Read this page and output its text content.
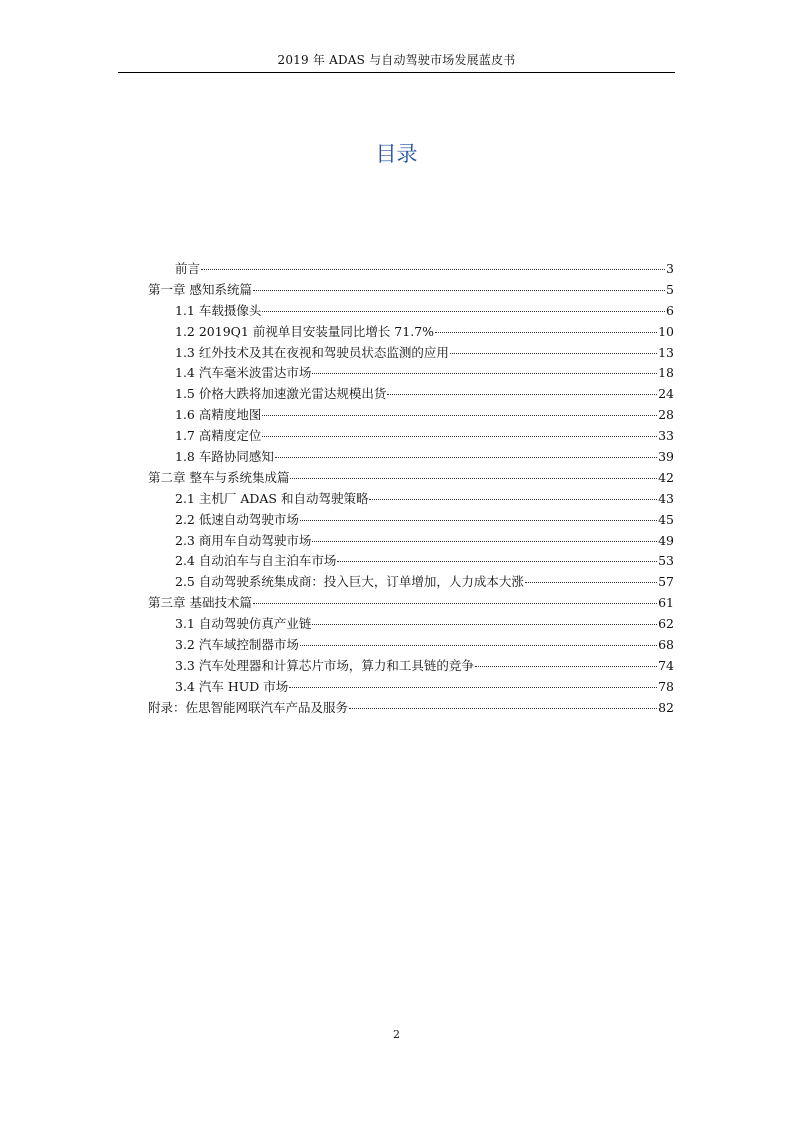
2019 年 ADAS 与自动驾驶市场发展蓝皮书
目录
前言	3
第一章 感知系统篇	5
1.1 车载摄像头	6
1.2 2019Q1 前视单目安装量同比增长 71.7%	10
1.3 红外技术及其在夜视和驾驶员状态监测的应用	13
1.4 汽车毫米波雷达市场	18
1.5 价格大跌将加速激光雷达规模出货	24
1.6 高精度地图	28
1.7 高精度定位	33
1.8 车路协同感知	39
第二章 整车与系统集成篇	42
2.1 主机厂 ADAS 和自动驾驶策略	43
2.2 低速自动驾驶市场	45
2.3 商用车自动驾驶市场	49
2.4 自动泊车与自主泊车市场	53
2.5 自动驾驶系统集成商：投入巨大，订单增加，人力成本大涨	57
第三章 基础技术篇	61
3.1 自动驾驶仿真产业链	62
3.2 汽车域控制器市场	68
3.3 汽车处理器和计算芯片市场，算力和工具链的竞争	74
3.4 汽车 HUD 市场	78
附录：佐思智能网联汽车产品及服务	82
2
